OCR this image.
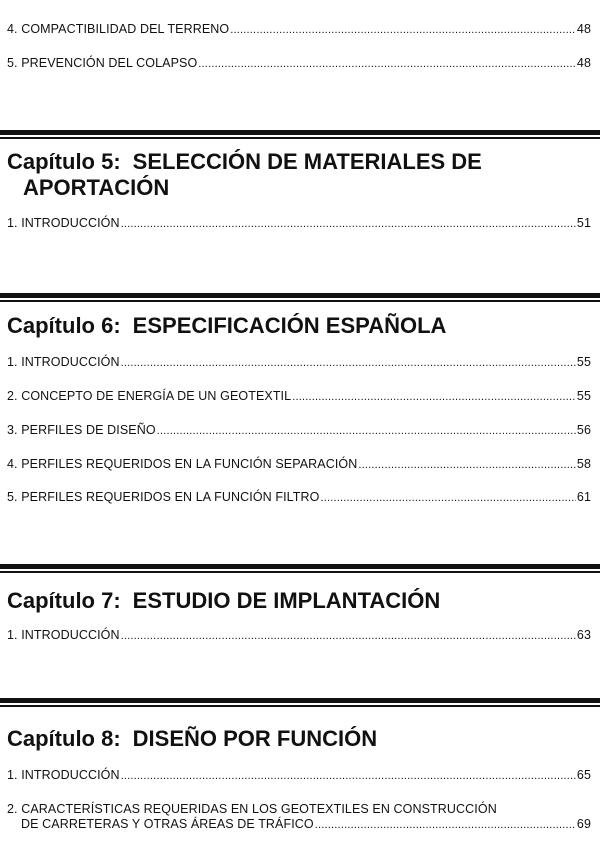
4. COMPACTIBILIDAD DEL TERRENO .....	48
5. PREVENCIÓN DEL COLAPSO .....	48
Capítulo 5: SELECCIÓN DE MATERIALES DE
APORTACIÓN
1. INTRODUCCIÓN .....	51
Capítulo 6: ESPECIFICACIÓN ESPAÑOLA
1. INTRODUCCIÓN .....	55
2. CONCEPTO DE ENERGÍA DE UN GEOTEXTIL .....	55
3. PERFILES DE DISEÑO .....	56
4. PERFILES REQUERIDOS EN LA FUNCIÓN SEPARACIÓN .....	58
5. PERFILES REQUERIDOS EN LA FUNCIÓN FILTRO .....	61
Capítulo 7: ESTUDIO DE IMPLANTACIÓN
1. INTRODUCCIÓN .....	63
Capítulo 8: DISEÑO POR FUNCIÓN
1. INTRODUCCIÓN .....	65
2. CARACTERÍSTICAS REQUERIDAS EN LOS GEOTEXTILES EN CONSTRUCCIÓN
DE CARRETERAS Y OTRAS ÁREAS DE TRÁFICO .....	69
